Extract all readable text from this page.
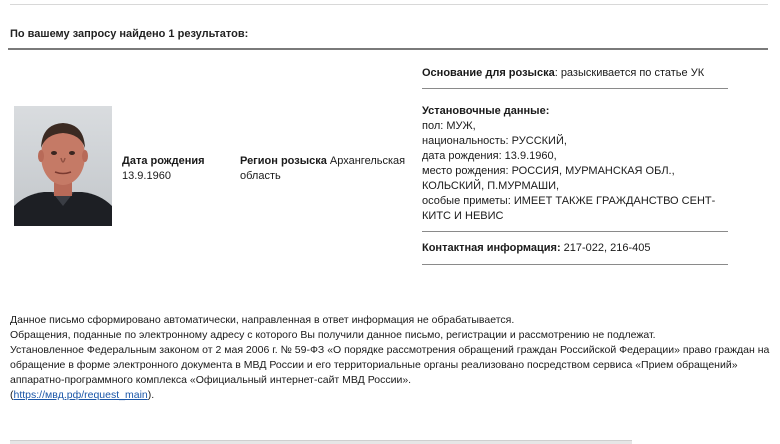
По вашему запросу найдено 1 результатов:
Дата рождения
13.9.1960
Регион розыска Архангельская область
Основание для розыска: разыскивается по статье УК
Установочные данные:
пол: МУЖ,
национальность: РУССКИЙ,
дата рождения: 13.9.1960,
место рождения: РОССИЯ, МУРМАНСКАЯ ОБЛ., КОЛЬСКИЙ, П.МУРМАШИ,
особые приметы: ИМЕЕТ ТАКЖЕ ГРАЖДАНСТВО СЕНТ-КИТС И НЕВИС
Контактная информация: 217-022, 216-405
Данное письмо сформировано автоматически, направленная в ответ информация не обрабатывается.
Обращения, поданные по электронному адресу с которого Вы получили данное письмо, регистрации и рассмотрению не подлежат.
Установленное Федеральным законом от 2 мая 2006 г. № 59-ФЗ «О порядке рассмотрения обращений граждан Российской Федерации» право граждан на обращение в форме электронного документа в МВД России и его территориальные органы реализовано посредством сервиса «Прием обращений» аппаратно-программного комплекса «Официальный интернет-сайт МВД России».
(https://мвд.рф/request_main).
